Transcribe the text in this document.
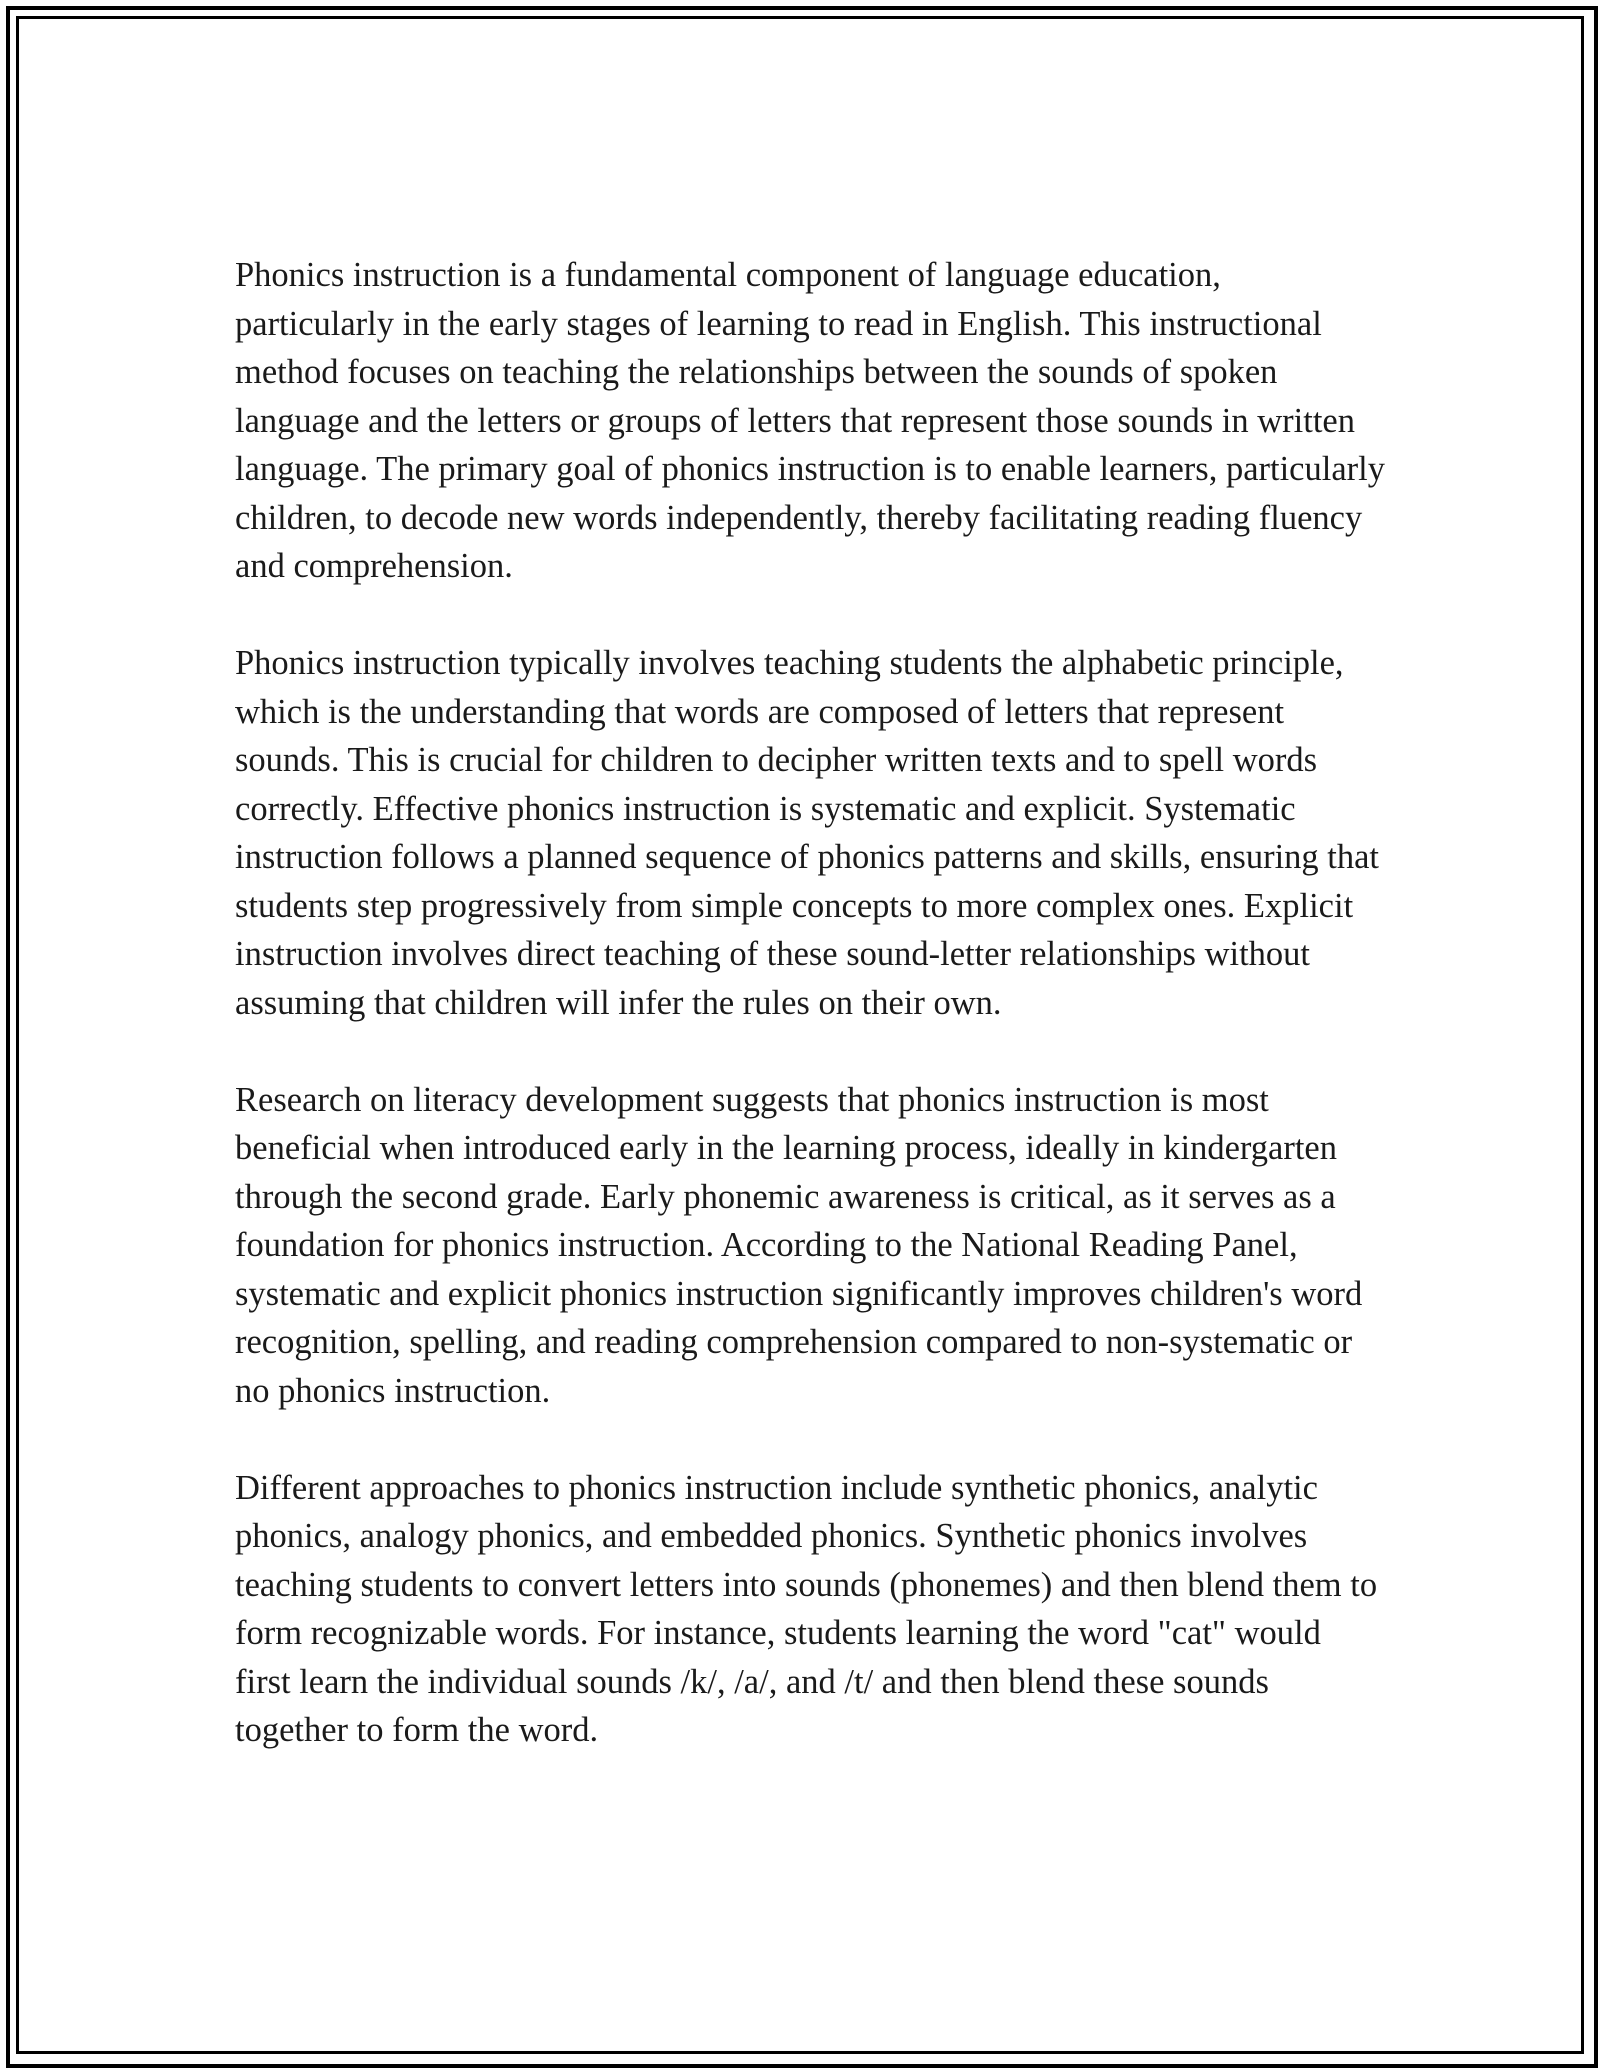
Phonics instruction is a fundamental component of language education, particularly in the early stages of learning to read in English. This instructional method focuses on teaching the relationships between the sounds of spoken language and the letters or groups of letters that represent those sounds in written language. The primary goal of phonics instruction is to enable learners, particularly children, to decode new words independently, thereby facilitating reading fluency and comprehension.

Phonics instruction typically involves teaching students the alphabetic principle, which is the understanding that words are composed of letters that represent sounds. This is crucial for children to decipher written texts and to spell words correctly. Effective phonics instruction is systematic and explicit. Systematic instruction follows a planned sequence of phonics patterns and skills, ensuring that students step progressively from simple concepts to more complex ones. Explicit instruction involves direct teaching of these sound-letter relationships without assuming that children will infer the rules on their own.

Research on literacy development suggests that phonics instruction is most beneficial when introduced early in the learning process, ideally in kindergarten through the second grade. Early phonemic awareness is critical, as it serves as a foundation for phonics instruction. According to the National Reading Panel, systematic and explicit phonics instruction significantly improves children's word recognition, spelling, and reading comprehension compared to non-systematic or no phonics instruction.

Different approaches to phonics instruction include synthetic phonics, analytic phonics, analogy phonics, and embedded phonics. Synthetic phonics involves teaching students to convert letters into sounds (phonemes) and then blend them to form recognizable words. For instance, students learning the word "cat" would first learn the individual sounds /k/, /a/, and /t/ and then blend these sounds together to form the word.
